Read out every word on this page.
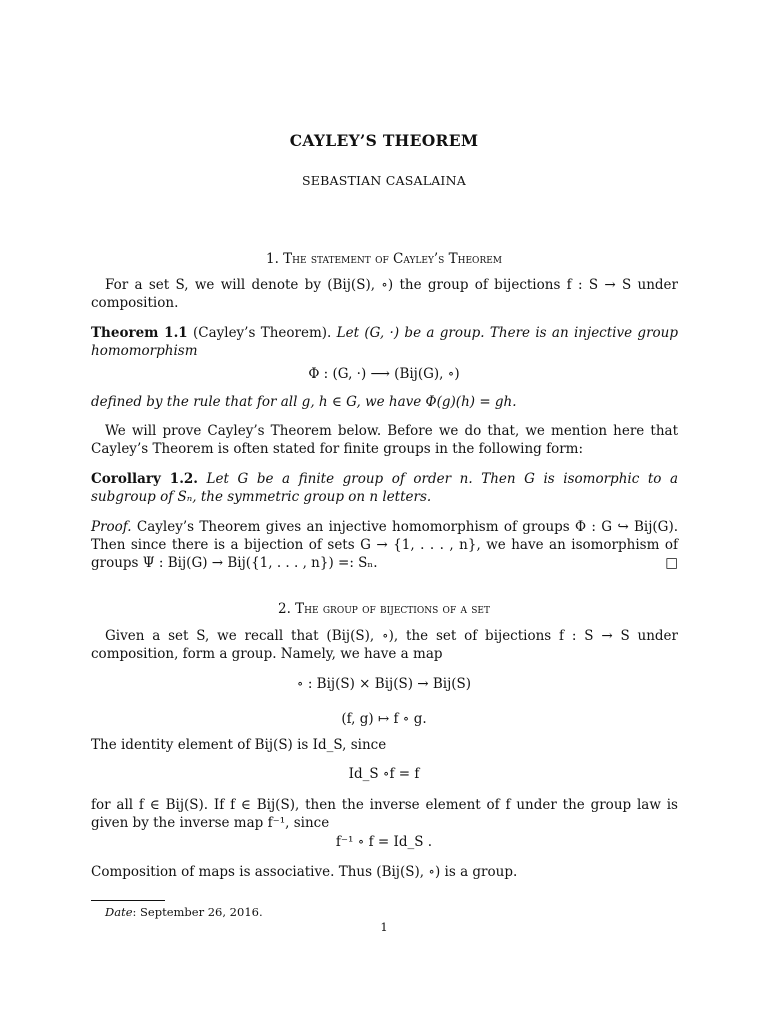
CAYLEY’S THEOREM
SEBASTIAN CASALAINA
1. The statement of Cayley’s Theorem
For a set S, we will denote by (Bij(S), ∘) the group of bijections f : S → S under composition.
Theorem 1.1 (Cayley’s Theorem). Let (G, ·) be a group. There is an injective group homomorphism
Φ : (G, ·) ⟶ (Bij(G), ∘)
defined by the rule that for all g, h ∈ G, we have Φ(g)(h) = gh.
We will prove Cayley’s Theorem below. Before we do that, we mention here that Cayley’s Theorem is often stated for finite groups in the following form:
Corollary 1.2. Let G be a finite group of order n. Then G is isomorphic to a subgroup of Sₙ, the symmetric group on n letters.
Proof. Cayley’s Theorem gives an injective homomorphism of groups Φ : G ↪ Bij(G). Then since there is a bijection of sets G → {1, . . . , n}, we have an isomorphism of groups Ψ : Bij(G) → Bij({1, . . . , n}) =: Sₙ.	□
2. The group of bijections of a set
Given a set S, we recall that (Bij(S), ∘), the set of bijections f : S → S under composition, form a group. Namely, we have a map
∘ : Bij(S) × Bij(S) → Bij(S)
(f, g) ↦ f ∘ g.
The identity element of Bij(S) is Id_S, since
Id_S ∘f = f
for all f ∈ Bij(S). If f ∈ Bij(S), then the inverse element of f under the group law is given by the inverse map f⁻¹, since
f⁻¹ ∘ f = Id_S .
Composition of maps is associative. Thus (Bij(S), ∘) is a group.
Date: September 26, 2016.
1
